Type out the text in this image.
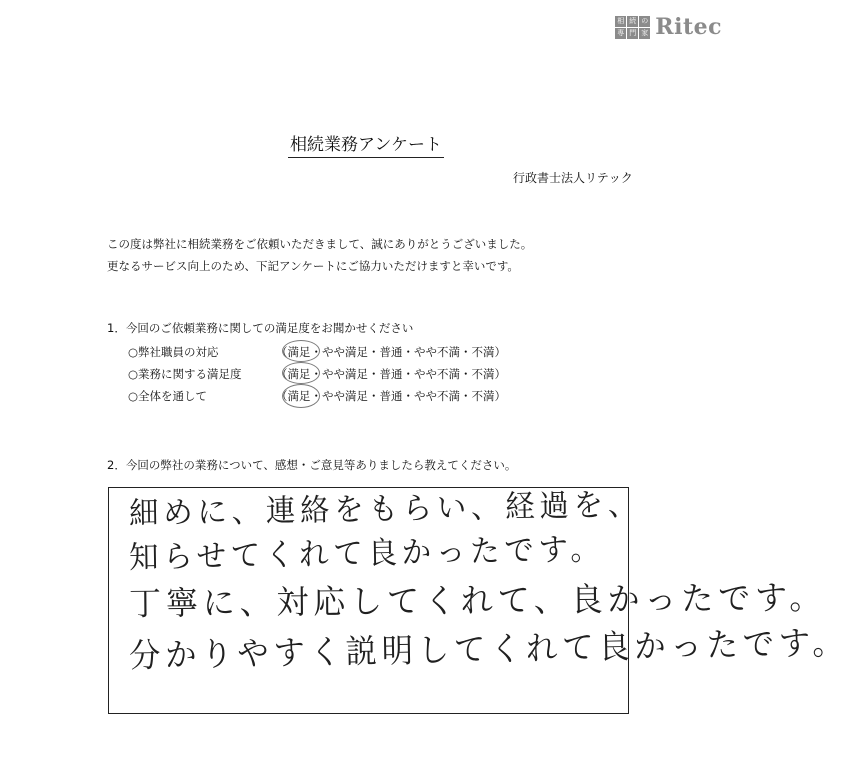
相 続 の
専 門 家 Ritec
相続業務アンケート
行政書士法人リテック
この度は弊社に相続業務をご依頼いただきまして、誠にありがとうございました。
更なるサービス向上のため、下記アンケートにご協力いただけますと幸いです。
1．今回のご依頼業務に関しての満足度をお聞かせください
○弊社職員の対応	（満足・やや満足・普通・やや不満・不満）
○業務に関する満足度	（満足・やや満足・普通・やや不満・不満）
○全体を通して	（満足・やや満足・普通・やや不満・不満）
2．今回の弊社の業務について、感想・ご意見等ありましたら教えてください。
細めに、連絡をもらい、経過を、
知らせてくれて良かったです。
丁寧に、対応してくれて、良かったです。
分かりやすく説明してくれて良かったです。
